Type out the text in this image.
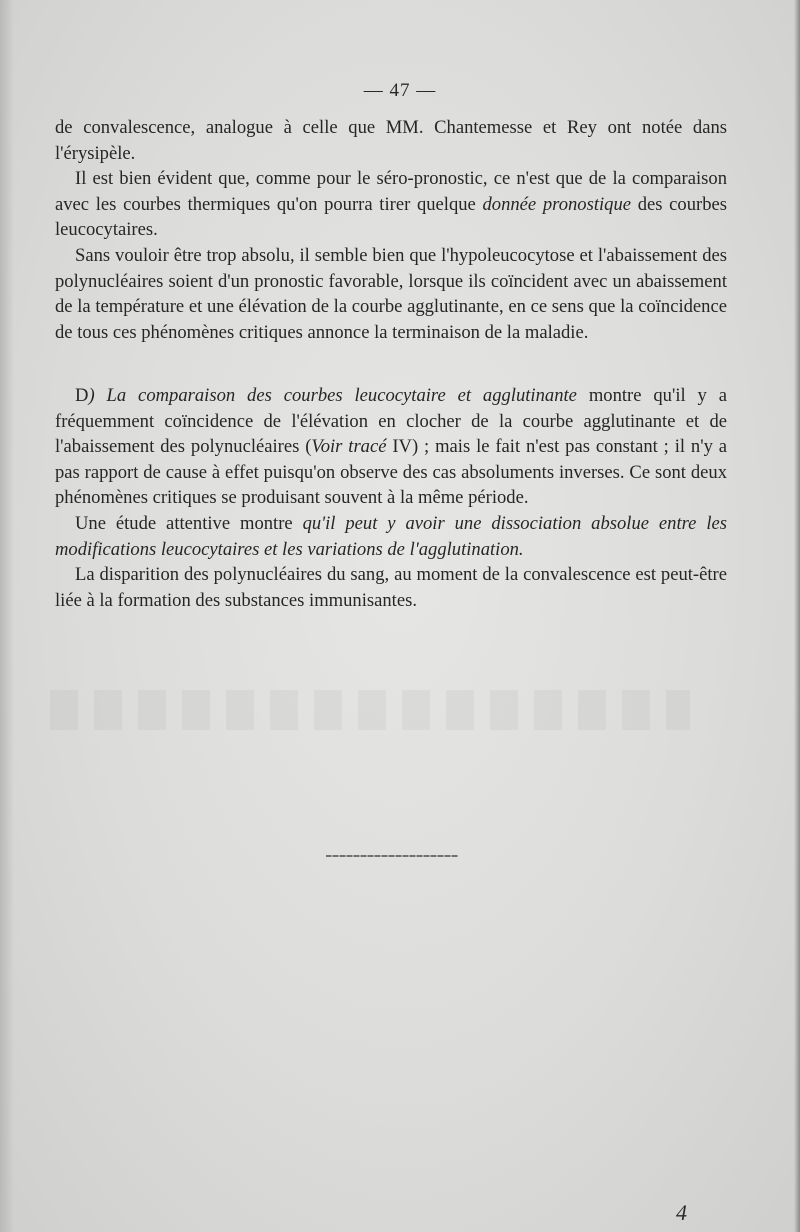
— 47 —

de convalescence, analogue à celle que MM. Chantemesse et Rey ont notée dans l'érysipèle.

Il est bien évident que, comme pour le séro-pronostic, ce n'est que de la comparaison avec les courbes thermiques qu'on pourra tirer quelque donnée pronostique des courbes leucocytaires.

Sans vouloir être trop absolu, il semble bien que l'hypoleucocytose et l'abaissement des polynucléaires soient d'un pronostic favorable, lorsque ils coïncident avec un abaissement de la température et une élévation de la courbe agglutinante, en ce sens que la coïncidence de tous ces phénomènes critiques annonce la terminaison de la maladie.

D) La comparaison des courbes leucocytaire et agglutinante montre qu'il y a fréquemment coïncidence de l'élévation en clocher de la courbe agglutinante et de l'abaissement des polynucléaires (Voir tracé IV) ; mais le fait n'est pas constant ; il n'y a pas rapport de cause à effet puisqu'on observe des cas absoluments inverses. Ce sont deux phénomènes critiques se produisant souvent à la même période.

Une étude attentive montre qu'il peut y avoir une dissociation absolue entre les modifications leucocytaires et les variations de l'agglutination.

La disparition des polynucléaires du sang, au moment de la convalescence est peut-être liée à la formation des substances immunisantes.

4
